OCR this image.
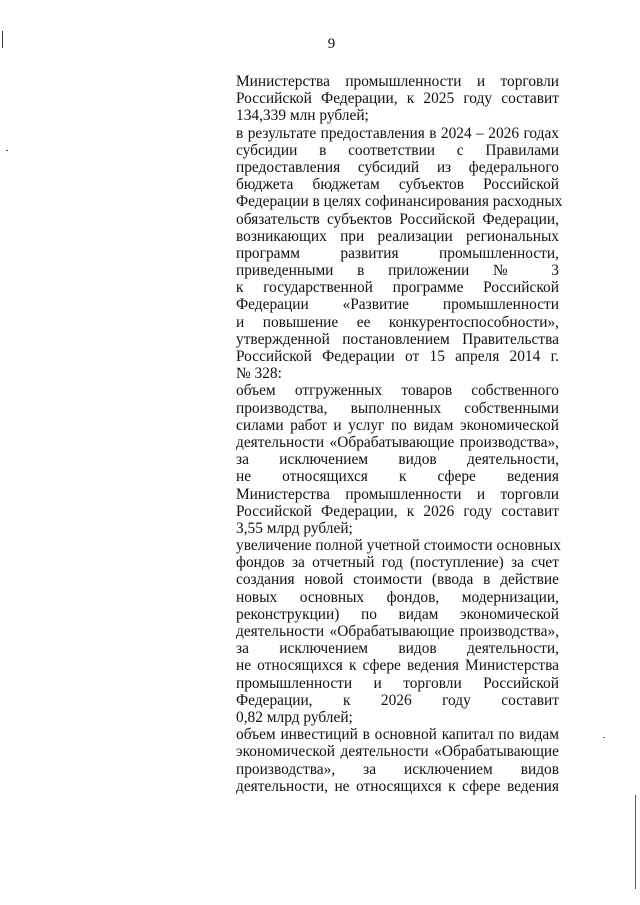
9
Министерства промышленности и торговли
Российской Федерации, к 2025 году составит
134,339 млн рублей;
в результате предоставления в 2024 – 2026 годах
субсидии в соответствии с Правилами
предоставления субсидий из федерального
бюджета бюджетам субъектов Российской
Федерации в целях софинансирования расходных
обязательств субъектов Российской Федерации,
возникающих при реализации региональных
программ развития промышленности,
приведенными в приложении № 3
к государственной программе Российской
Федерации «Развитие промышленности
и повышение ее конкурентоспособности»,
утвержденной постановлением Правительства
Российской Федерации от 15 апреля 2014 г.
№ 328:
объем отгруженных товаров собственного
производства, выполненных собственными
силами работ и услуг по видам экономической
деятельности «Обрабатывающие производства»,
за исключением видов деятельности,
не относящихся к сфере ведения
Министерства промышленности и торговли
Российской Федерации, к 2026 году составит
3,55 млрд рублей;
увеличение полной учетной стоимости основных
фондов за отчетный год (поступление) за счет
создания новой стоимости (ввода в действие
новых основных фондов, модернизации,
реконструкции) по видам экономической
деятельности «Обрабатывающие производства»,
за исключением видов деятельности,
не относящихся к сфере ведения Министерства
промышленности и торговли Российской
Федерации, к 2026 году составит
0,82 млрд рублей;
объем инвестиций в основной капитал по видам
экономической деятельности «Обрабатывающие
производства», за исключением видов
деятельности, не относящихся к сфере ведения
